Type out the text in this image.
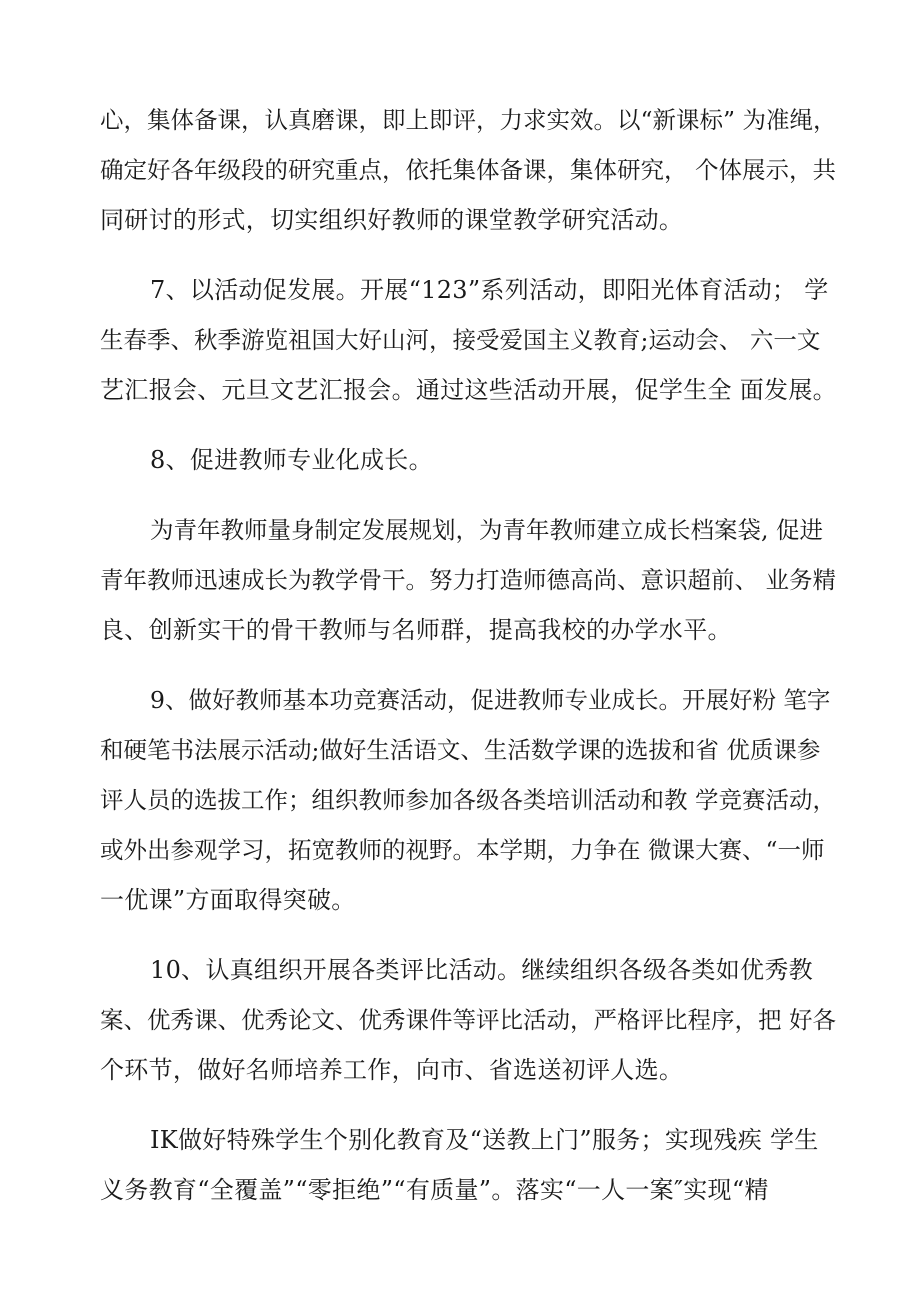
心，集体备课，认真磨课，即上即评，力求实效。以“新课标” 为准绳，
确定好各年级段的研究重点，依托集体备课，集体研究， 个体展示，共
同研讨的形式，切实组织好教师的课堂教学研究活动。
7、以活动促发展。开展“123”系列活动，即阳光体育活动； 学
生春季、秋季游览祖国大好山河，接受爱国主义教育;运动会、 六一文
艺汇报会、元旦文艺汇报会。通过这些活动开展，促学生全 面发展。
8、促进教师专业化成长。
为青年教师量身制定发展规划，为青年教师建立成长档案袋, 促进
青年教师迅速成长为教学骨干。努力打造师德高尚、意识超前、 业务精
良、创新实干的骨干教师与名师群，提高我校的办学水平。
9、做好教师基本功竞赛活动，促进教师专业成长。开展好粉 笔字
和硬笔书法展示活动;做好生活语文、生活数学课的选拔和省 优质课参
评人员的选拔工作；组织教师参加各级各类培训活动和教 学竞赛活动，
或外出参观学习，拓宽教师的视野。本学期，力争在 微课大赛、“一师
一优课”方面取得突破。
10、认真组织开展各类评比活动。继续组织各级各类如优秀教
案、优秀课、优秀论文、优秀课件等评比活动，严格评比程序，把 好各
个环节，做好名师培养工作，向市、省选送初评人选。
IK做好特殊学生个别化教育及“送教上门”服务；实现残疾 学生
义务教育“全覆盖”“零拒绝”“有质量”。落实“一人一案″实现“精
